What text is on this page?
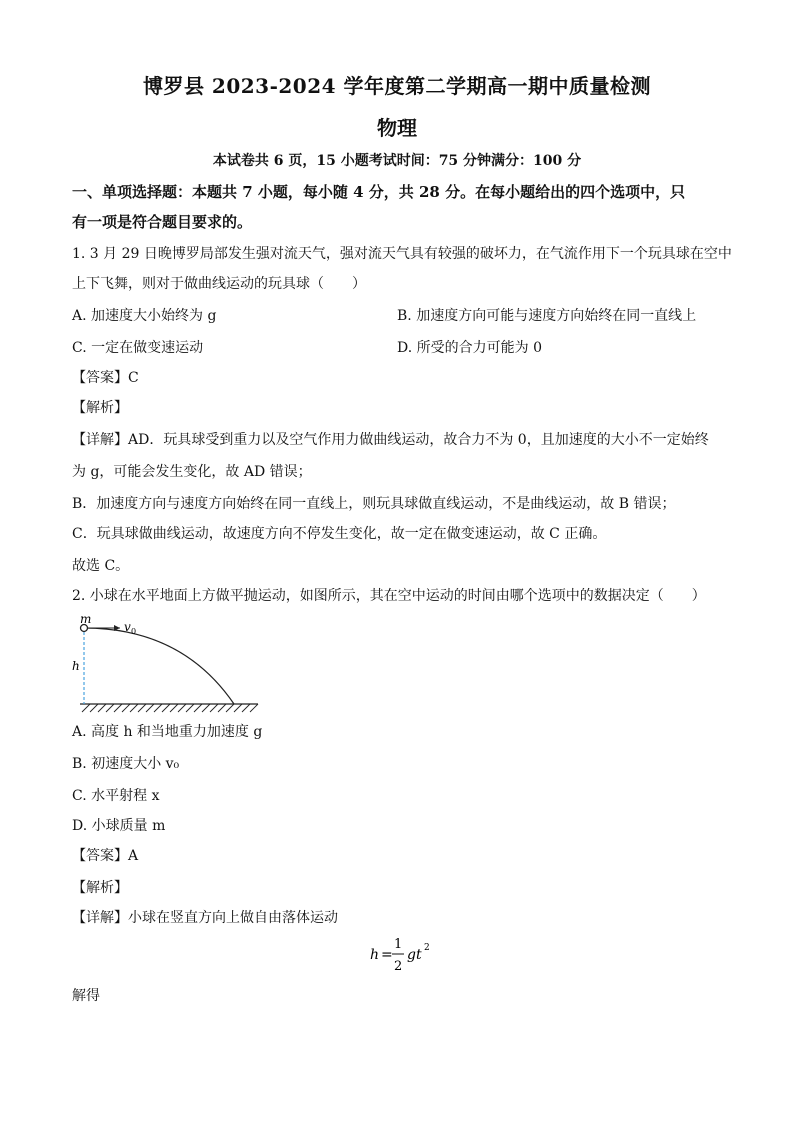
博罗县 2023-2024 学年度第二学期高一期中质量检测
物理
本试卷共 6 页，15 小题考试时间：75 分钟满分：100 分
一、单项选择题：本题共 7 小题，每小随 4 分，共 28 分。在每小题给出的四个选项中，只
有一项是符合题目要求的。
1. 3 月 29 日晚博罗局部发生强对流天气，强对流天气具有较强的破坏力，在气流作用下一个玩具球在空中
上下飞舞，则对于做曲线运动的玩具球（　　）
A. 加速度大小始终为 g	B. 加速度方向可能与速度方向始终在同一直线上
C. 一定在做变速运动	D. 所受的合力可能为 0
【答案】C
【解析】
【详解】AD．玩具球受到重力以及空气作用力做曲线运动，故合力不为 0，且加速度的大小不一定始终
为 g，可能会发生变化，故 AD 错误；
B．加速度方向与速度方向始终在同一直线上，则玩具球做直线运动，不是曲线运动，故 B 错误；
C．玩具球做曲线运动，故速度方向不停发生变化，故一定在做变速运动，故 C 正确。
故选 C。
2. 小球在水平地面上方做平抛运动，如图所示，其在空中运动的时间由哪个选项中的数据决定（　　）
m
v 0
h
A. 高度 h 和当地重力加速度 g
B. 初速度大小 v₀
C. 水平射程 x
D. 小球质量 m
【答案】A
【解析】
【详解】小球在竖直方向上做自由落体运动
h =
1
2
gt 2
解得
